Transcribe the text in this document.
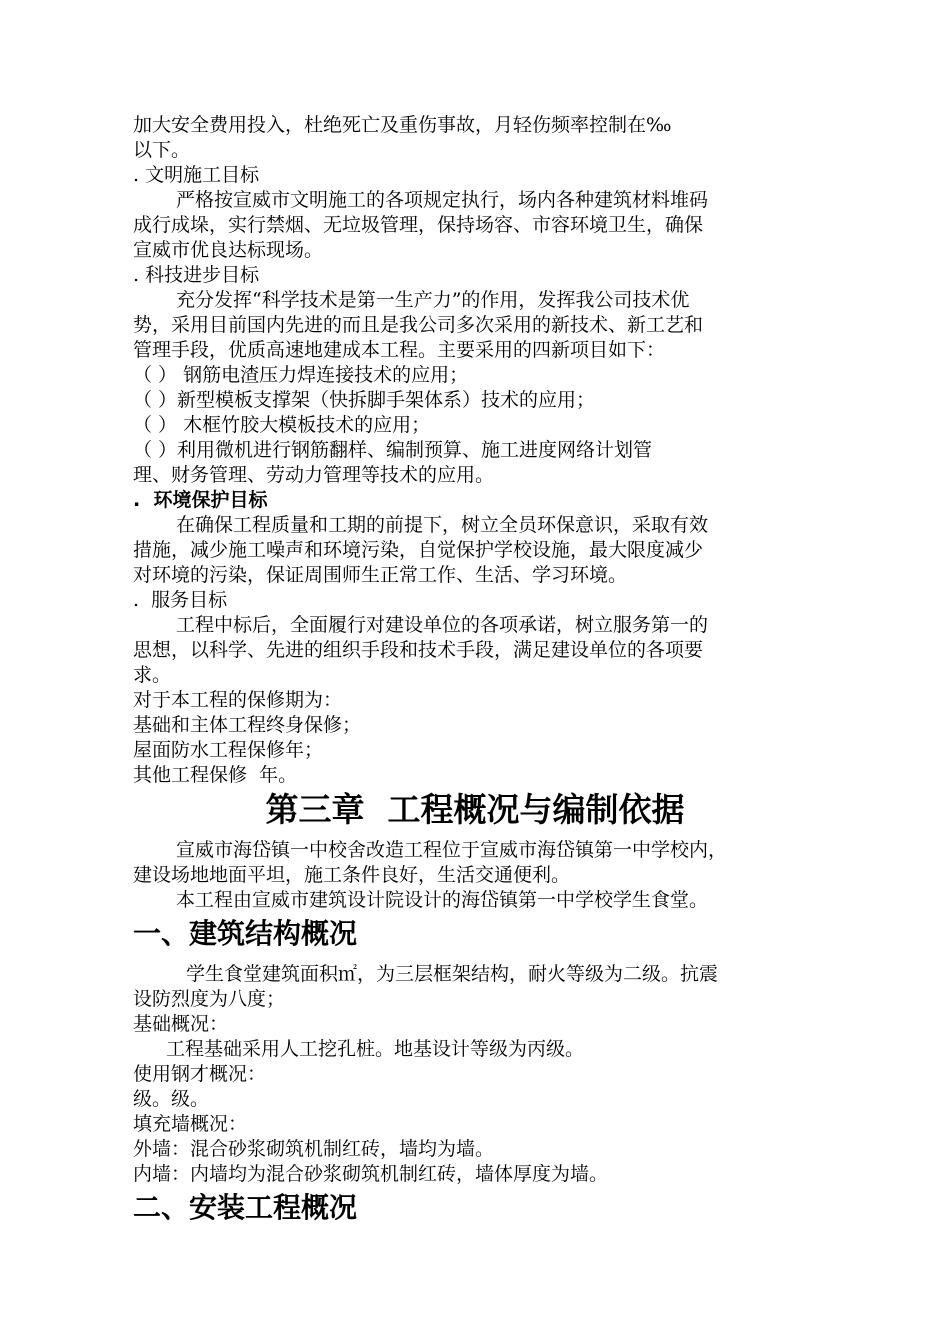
加大安全费用投入，杜绝死亡及重伤事故，月轻伤频率控制在‰
以下。
. 文明施工目标
严格按宣威市文明施工的各项规定执行，场内各种建筑材料堆码
成行成垛，实行禁烟、无垃圾管理，保持场容、市容环境卫生，确保
宣威市优良达标现场。
. 科技进步目标
充分发挥“科学技术是第一生产力”的作用，发挥我公司技术优
势，采用目前国内先进的而且是我公司多次采用的新技术、新工艺和
管理手段，优质高速地建成本工程。主要采用的四新项目如下：
（ ） 钢筋电渣压力焊连接技术的应用；
（ ）新型模板支撑架（快拆脚手架体系）技术的应用；
（ ） 木框竹胶大模板技术的应用；
（ ）利用微机进行钢筋翻样、编制预算、施工进度网络计划管
理、财务管理、劳动力管理等技术的应用。
.  环境保护目标
在确保工程质量和工期的前提下，树立全员环保意识，采取有效
措施，减少施工噪声和环境污染，自觉保护学校设施，最大限度减少
对环境的污染，保证周围师生正常工作、生活、学习环境。
.  服务目标
工程中标后，全面履行对建设单位的各项承诺，树立服务第一的
思想，以科学、先进的组织手段和技术手段，满足建设单位的各项要
求。
对于本工程的保修期为：
基础和主体工程终身保修；
屋面防水工程保修年；
其他工程保修  年。
第三章  工程概况与编制依据
宣威市海岱镇一中校舍改造工程位于宣威市海岱镇第一中学校内，
建设场地地面平坦，施工条件良好，生活交通便利。
本工程由宣威市建筑设计院设计的海岱镇第一中学校学生食堂。
一、建筑结构概况
学生食堂建筑面积㎡，为三层框架结构，耐火等级为二级。抗震
设防烈度为八度；
基础概况：
工程基础采用人工挖孔桩。地基设计等级为丙级。
使用钢才概况：
级。级。
填充墙概况：
外墙：混合砂浆砌筑机制红砖，墙均为墙。
内墙：内墙均为混合砂浆砌筑机制红砖，墙体厚度为墙。
二、安装工程概况
